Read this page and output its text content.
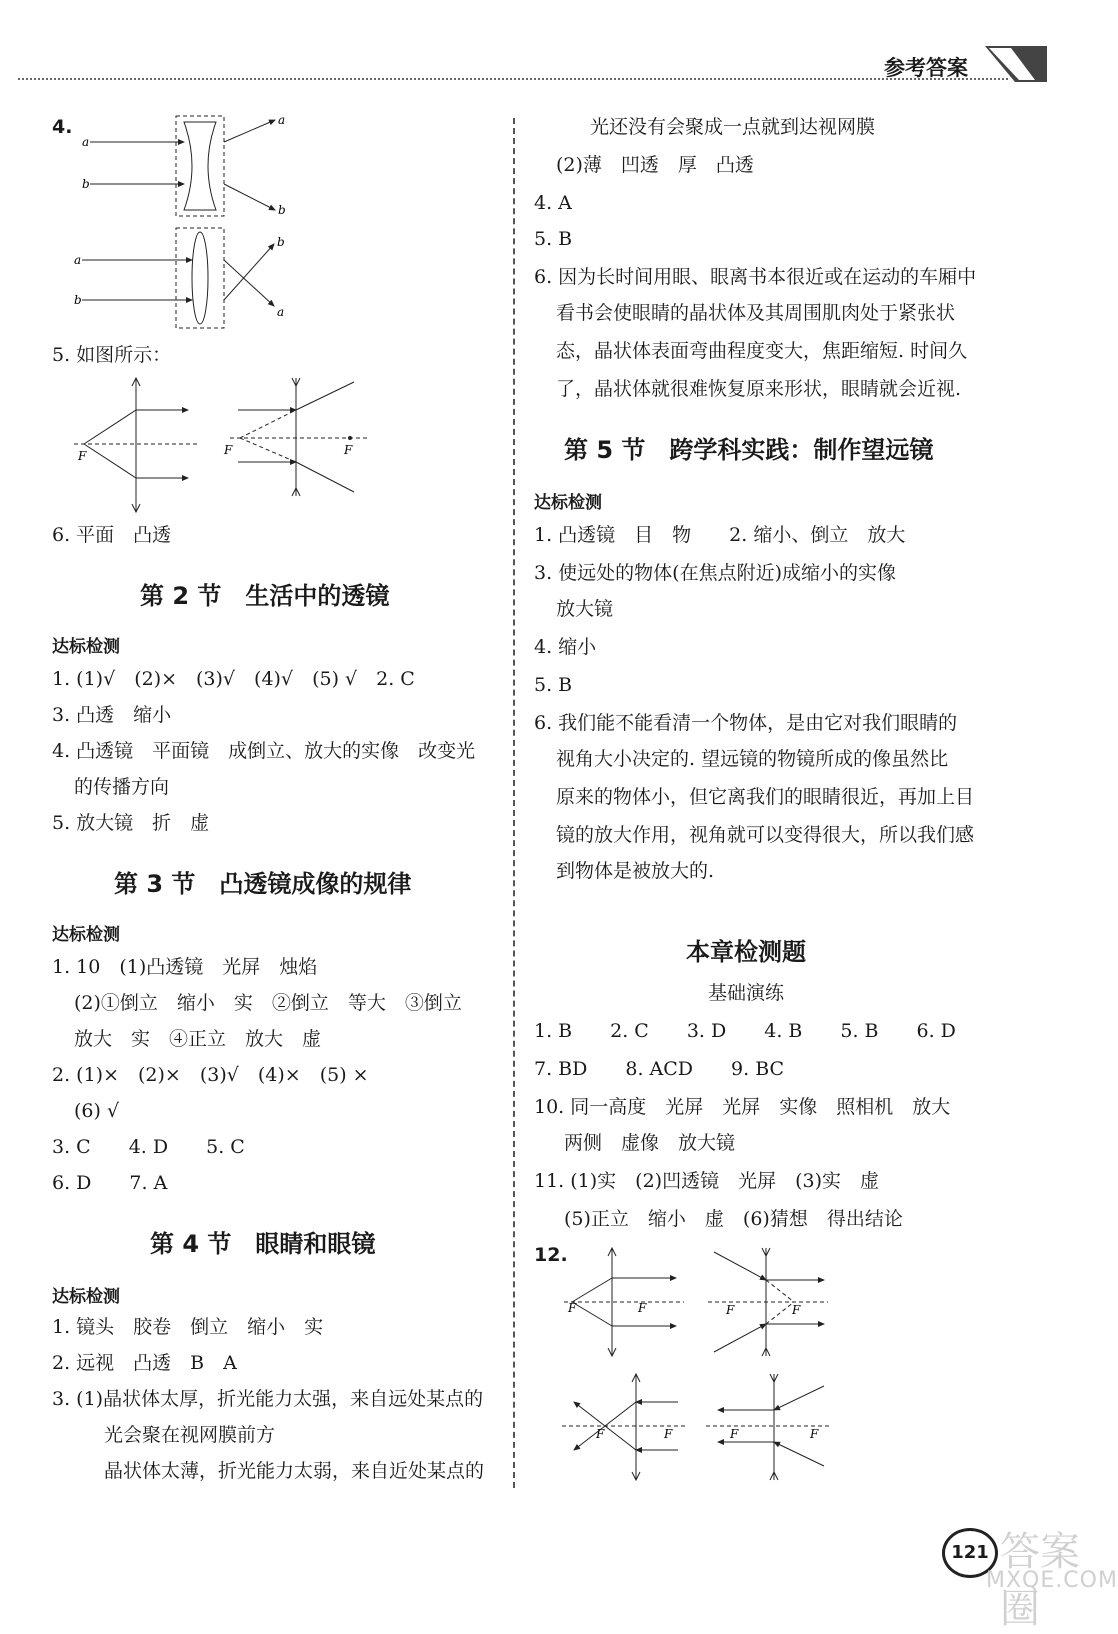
参考答案
4.
a
b
a
b
a
b
b
a
5. 如图所示：
F	F	F
6. 平面　凸透
第 2 节　生活中的透镜
达标检测
1. (1)√　(2)×　(3)√　(4)√　(5) √　2. C
3. 凸透　缩小
4. 凸透镜　平面镜　成倒立、放大的实像　改变光
的传播方向
5. 放大镜　折　虚
第 3 节　凸透镜成像的规律
达标检测
1. 10　(1)凸透镜　光屏　烛焰
(2)①倒立　缩小　实　②倒立　等大　③倒立
放大　实　④正立　放大　虚
2. (1)×　(2)×　(3)√　(4)×　(5) ×
(6) √
3. C　　4. D　　5. C
6. D　　7. A
第 4 节　眼睛和眼镜
达标检测
1. 镜头　胶卷　倒立　缩小　实
2. 远视　凸透　B　A
3. (1)晶状体太厚，折光能力太强，来自远处某点的
光会聚在视网膜前方
晶状体太薄，折光能力太弱，来自近处某点的
光还没有会聚成一点就到达视网膜
(2)薄　凹透　厚　凸透
4. A
5. B
6. 因为长时间用眼、眼离书本很近或在运动的车厢中
看书会使眼睛的晶状体及其周围肌肉处于紧张状
态，晶状体表面弯曲程度变大，焦距缩短. 时间久
了，晶状体就很难恢复原来形状，眼睛就会近视.
第 5 节　跨学科实践：制作望远镜
达标检测
1. 凸透镜　目　物　　2. 缩小、倒立　放大
3. 使远处的物体(在焦点附近)成缩小的实像
放大镜
4. 缩小
5. B
6. 我们能不能看清一个物体，是由它对我们眼睛的
视角大小决定的. 望远镜的物镜所成的像虽然比
原来的物体小，但它离我们的眼睛很近，再加上目
镜的放大作用，视角就可以变得很大，所以我们感
到物体是被放大的.
本章检测题
基础演练
1. B　　2. C　　3. D　　4. B　　5. B　　6. D
7. BD　　8. ACD　　9. BC
10. 同一高度　光屏　光屏　实像　照相机　放大
两侧　虚像　放大镜
11. (1)实　(2)凹透镜　光屏　(3)实　虚
(5)正立　缩小　虚　(6)猜想　得出结论
12.
F	F	F	F
F	F	F	F
121 答案圈
MXQE.COM
